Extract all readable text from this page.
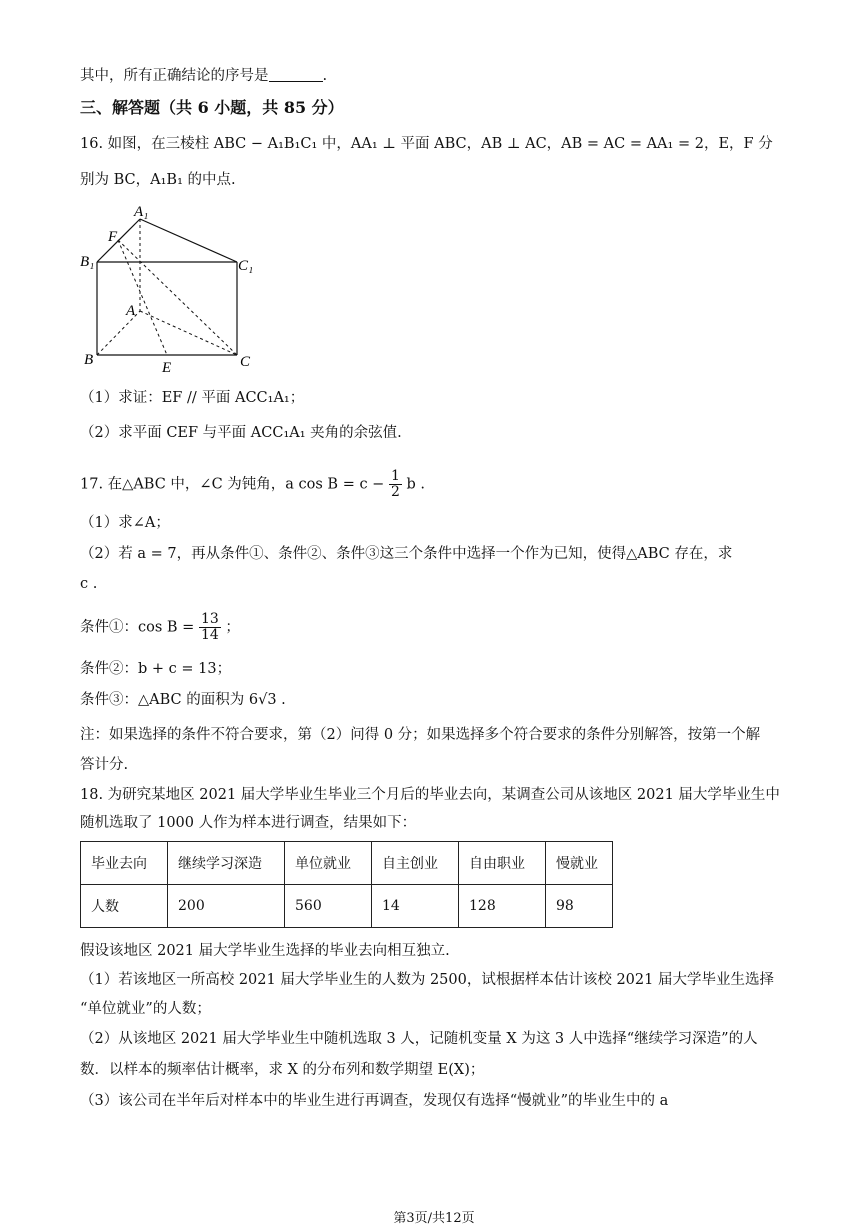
其中，所有正确结论的序号是	.
三、解答题（共 6 小题，共 85 分）
16. 如图，在三棱柱 ABC − A₁B₁C₁ 中，AA₁ ⊥ 平面 ABC，AB ⊥ AC，AB = AC = AA₁ = 2，E，F 分
别为 BC，A₁B₁ 的中点.
A₁
F
B₁	C₁
A
B	C
E
（1）求证：EF // 平面 ACC₁A₁；
（2）求平面 CEF 与平面 ACC₁A₁ 夹角的余弦值.
17. 在△ABC 中，∠C 为钝角，a $\cos B = c - \frac{1}{2}$ b .
（1）求∠A；
（2）若 a = 7，再从条件①、条件②、条件③这三个条件中选择一个作为已知，使得△ABC 存在，求
c .
条件①：$\cos B = \frac{13}{14}$ ；
条件②：b + c = 13；
条件③：△ABC 的面积为 6√3 .
注：如果选择的条件不符合要求，第（2）问得 0 分；如果选择多个符合要求的条件分别解答，按第一个解
答计分.
18. 为研究某地区 2021 届大学毕业生毕业三个月后的毕业去向，某调查公司从该地区 2021 届大学毕业生中
随机选取了 1000 人作为样本进行调查，结果如下：
毕业去向	继续学习深造	单位就业	自主创业	自由职业	慢就业
人数	200	560	14	128	98
假设该地区 2021 届大学毕业生选择的毕业去向相互独立.
（1）若该地区一所高校 2021 届大学毕业生的人数为 2500，试根据样本估计该校 2021 届大学毕业生选择
“单位就业”的人数；
（2）从该地区 2021 届大学毕业生中随机选取 3 人，记随机变量 X 为这 3 人中选择“继续学习深造”的人
数．以样本的频率估计概率，求 X 的分布列和数学期望 E(X)；
（3）该公司在半年后对样本中的毕业生进行再调查，发现仅有选择“慢就业”的毕业生中的 a
第3页/共12页
